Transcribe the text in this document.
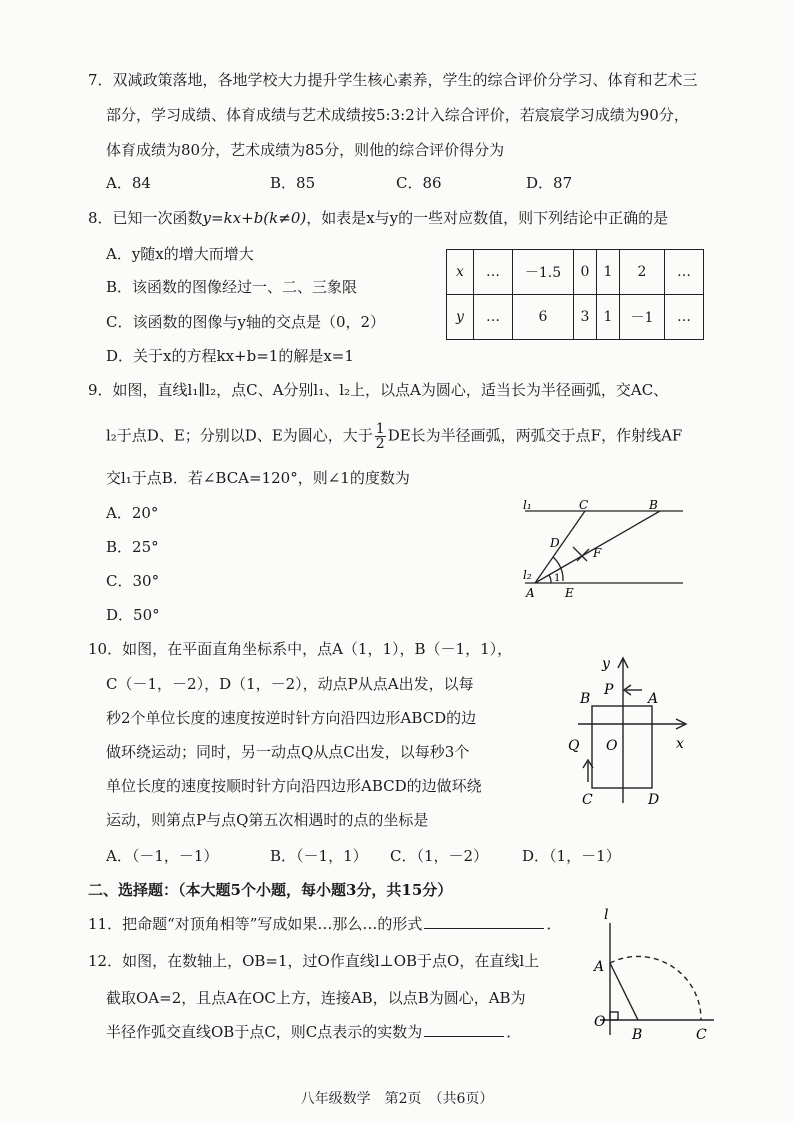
7．双减政策落地，各地学校大力提升学生核心素养，学生的综合评价分学习、体育和艺术三
部分，学习成绩、体育成绩与艺术成绩按5:3:2计入综合评价，若宸宸学习成绩为90分，
体育成绩为80分，艺术成绩为85分，则他的综合评价得分为
A．84	B．85	C．86	D．87
8．已知一次函数y=kx+b(k≠0)，如表是x与y的一些对应数值，则下列结论中正确的是
A．y随x的增大而增大
B．该函数的图像经过一、二、三象限
C．该函数的图像与y轴的交点是（0，2）
D．关于x的方程kx+b=1的解是x=1
x	…	－1.5	0	1	2	…
y	…	6	3	1	－1	…
9．如图，直线l₁∥l₂，点C、A分别l₁、l₂上，以点A为圆心，适当长为半径画弧，交AC、
l₂于点D、E；分别以D、E为圆心，大于 $\frac{1}{2}$ DE长为半径画弧，两弧交于点F，作射线AF
交l₁于点B．若∠BCA=120°，则∠1的度数为
A．20°
B．25°
C．30°
D．50°
l₁	C	B
D
F
l₂ 1
A	E
10．如图，在平面直角坐标系中，点A（1，1），B（－1，1），
C（－1，－2），D（1，－2），动点P从点A出发，以每
秒2个单位长度的速度按逆时针方向沿四边形ABCD的边
做环绕运动；同时，另一动点Q从点C出发，以每秒3个
单位长度的速度按顺时针方向沿四边形ABCD的边做环绕
运动，则第点P与点Q第五次相遇时的点的坐标是
A．（－1，－1）	B．（－1，1） C．（1，－2） D．（1，－1）
y
x
P
A
B
Q O
C	D
二、选择题：（本大题5个小题，每小题3分，共15分）
11．把命题“对顶角相等”写成如果…那么…的形式	．
12．如图，在数轴上，OB=1，过O作直线l⊥OB于点O，在直线l上
截取OA=2，且点A在OC上方，连接AB，以点B为圆心，AB为
半径作弧交直线OB于点C，则C点表示的实数为	．
l
A
O
B	C
八年级数学　第2页　（共6页）
